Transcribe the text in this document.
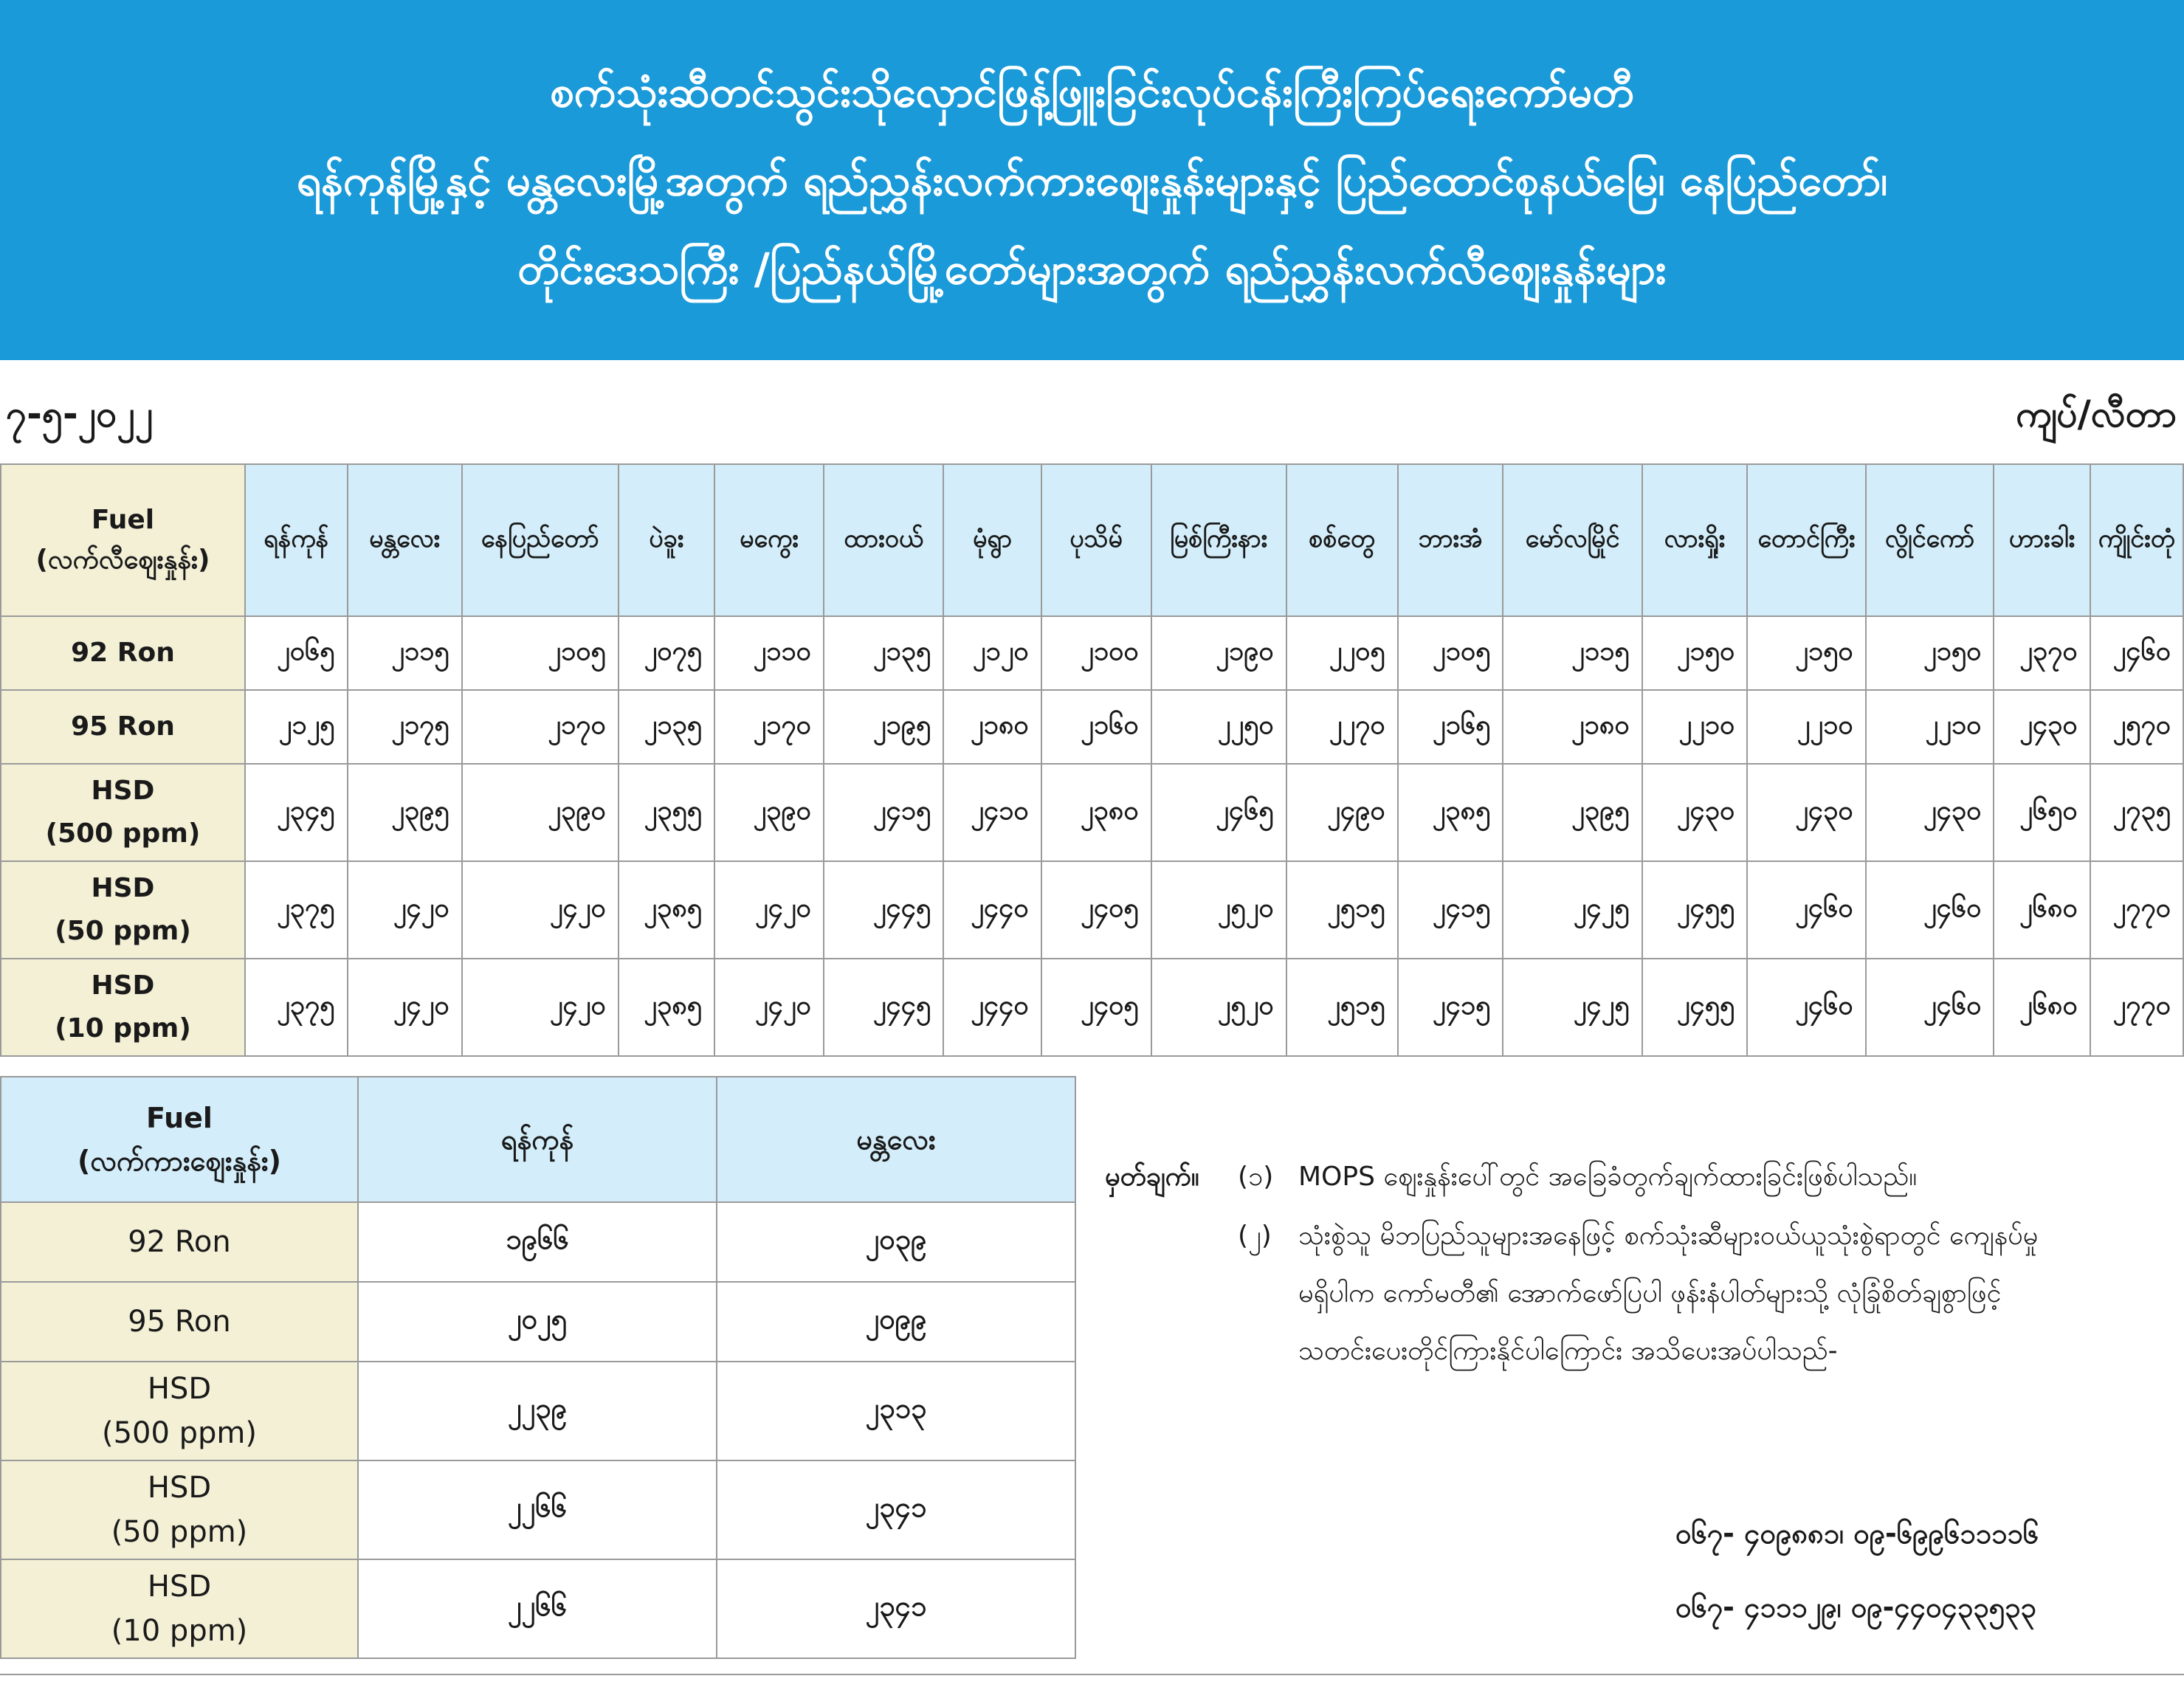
စက်သုံးဆီတင်သွင်းသိုလှောင်ဖြန့်ဖြူးခြင်းလုပ်ငန်းကြီးကြပ်ရေးကော်မတီ
ရန်ကုန်မြို့နှင့် မန္တလေးမြို့အတွက် ရည်ညွှန်းလက်ကားဈေးနှုန်းများနှင့် ပြည်ထောင်စုနယ်မြေ၊ နေပြည်တော်၊
တိုင်းဒေသကြီး /ပြည်နယ်မြို့တော်များအတွက် ရည်ညွှန်းလက်လီဈေးနှုန်းများ
၇-၅-၂၀၂၂	ကျပ်/လီတာ
Fuel
(လက်လီဈေးနှုန်း)	ရန်ကုန်	မန္တလေး	နေပြည်တော်	ပဲခူး	မကွေး	ထားဝယ်	မုံရွာ	ပုသိမ်	မြစ်ကြီးနား	စစ်တွေ	ဘားအံ	မော်လမြိုင်	လားရှိုး	တောင်ကြီး	လွိုင်ကော်	ဟားခါး	ကျိုင်းတုံ

92 Ron	၂၀၆၅	၂၁၁၅	၂၁၀၅	၂၀၇၅	၂၁၁၀	၂၁၃၅	၂၁၂၀	၂၁၀၀	၂၁၉၀	၂၂၀၅	၂၁၀၅	၂၁၁၅	၂၁၅၀	၂၁၅၀	၂၁၅၀	၂၃၇၀	၂၄၆၀

95 Ron	၂၁၂၅	၂၁၇၅	၂၁၇၀	၂၁၃၅	၂၁၇၀	၂၁၉၅	၂၁၈၀	၂၁၆၀	၂၂၅၀	၂၂၇၀	၂၁၆၅	၂၁၈၀	၂၂၁၀	၂၂၁၀	၂၂၁၀	၂၄၃၀	၂၅၇၀

HSD
(500 ppm)	၂၃၄၅	၂၃၉၅	၂၃၉၀	၂၃၅၅	၂၃၉၀	၂၄၁၅	၂၄၁၀	၂၃၈၀	၂၄၆၅	၂၄၉၀	၂၃၈၅	၂၃၉၅	၂၄၃၀	၂၄၃၀	၂၄၃၀	၂၆၅၀	၂၇၃၅

HSD
(50 ppm)	၂၃၇၅	၂၄၂၀	၂၄၂၀	၂၃၈၅	၂၄၂၀	၂၄၄၅	၂၄၄၀	၂၄၀၅	၂၅၂၀	၂၅၁၅	၂၄၁၅	၂၄၂၅	၂၄၅၅	၂၄၆၀	၂၄၆၀	၂၆၈၀	၂၇၇၀

HSD
(10 ppm)	၂၃၇၅	၂၄၂၀	၂၄၂၀	၂၃၈၅	၂၄၂၀	၂၄၄၅	၂၄၄၀	၂၄၀၅	၂၅၂၀	၂၅၁၅	၂၄၁၅	၂၄၂၅	၂၄၅၅	၂၄၆၀	၂၄၆၀	၂၆၈၀	၂၇၇၀
Fuel
(လက်ကားဈေးနှုန်း)	ရန်ကုန်	မန္တလေး

92 Ron	၁၉၆၆	၂၀၃၉

95 Ron	၂၀၂၅	၂၀၉၉

HSD
(500 ppm)	၂၂၃၉	၂၃၁၃

HSD
(50 ppm)	၂၂၆၆	၂၃၄၁

HSD
(10 ppm)	၂၂၆၆	၂၃၄၁
မှတ်ချက်။ (၁) MOPS ဈေးနှုန်းပေါ်တွင် အခြေခံတွက်ချက်ထားခြင်းဖြစ်ပါသည်။
(၂) သုံးစွဲသူ မိဘပြည်သူများအနေဖြင့် စက်သုံးဆီများဝယ်ယူသုံးစွဲရာတွင် ကျေနပ်မှု
မရှိပါက ကော်မတီ၏ အောက်ဖော်ပြပါ ဖုန်းနံပါတ်များသို့ လုံခြုံစိတ်ချစွာဖြင့်
သတင်းပေးတိုင်ကြားနိုင်ပါကြောင်း အသိပေးအပ်ပါသည်-
၀၆၇- ၄၀၉၈၈၁၊ ၀၉-၆၉၉၆၁၁၁၁၆
၀၆၇- ၄၁၁၁၂၉၊ ၀၉-၄၄၀၄၃၃၅၃၃
